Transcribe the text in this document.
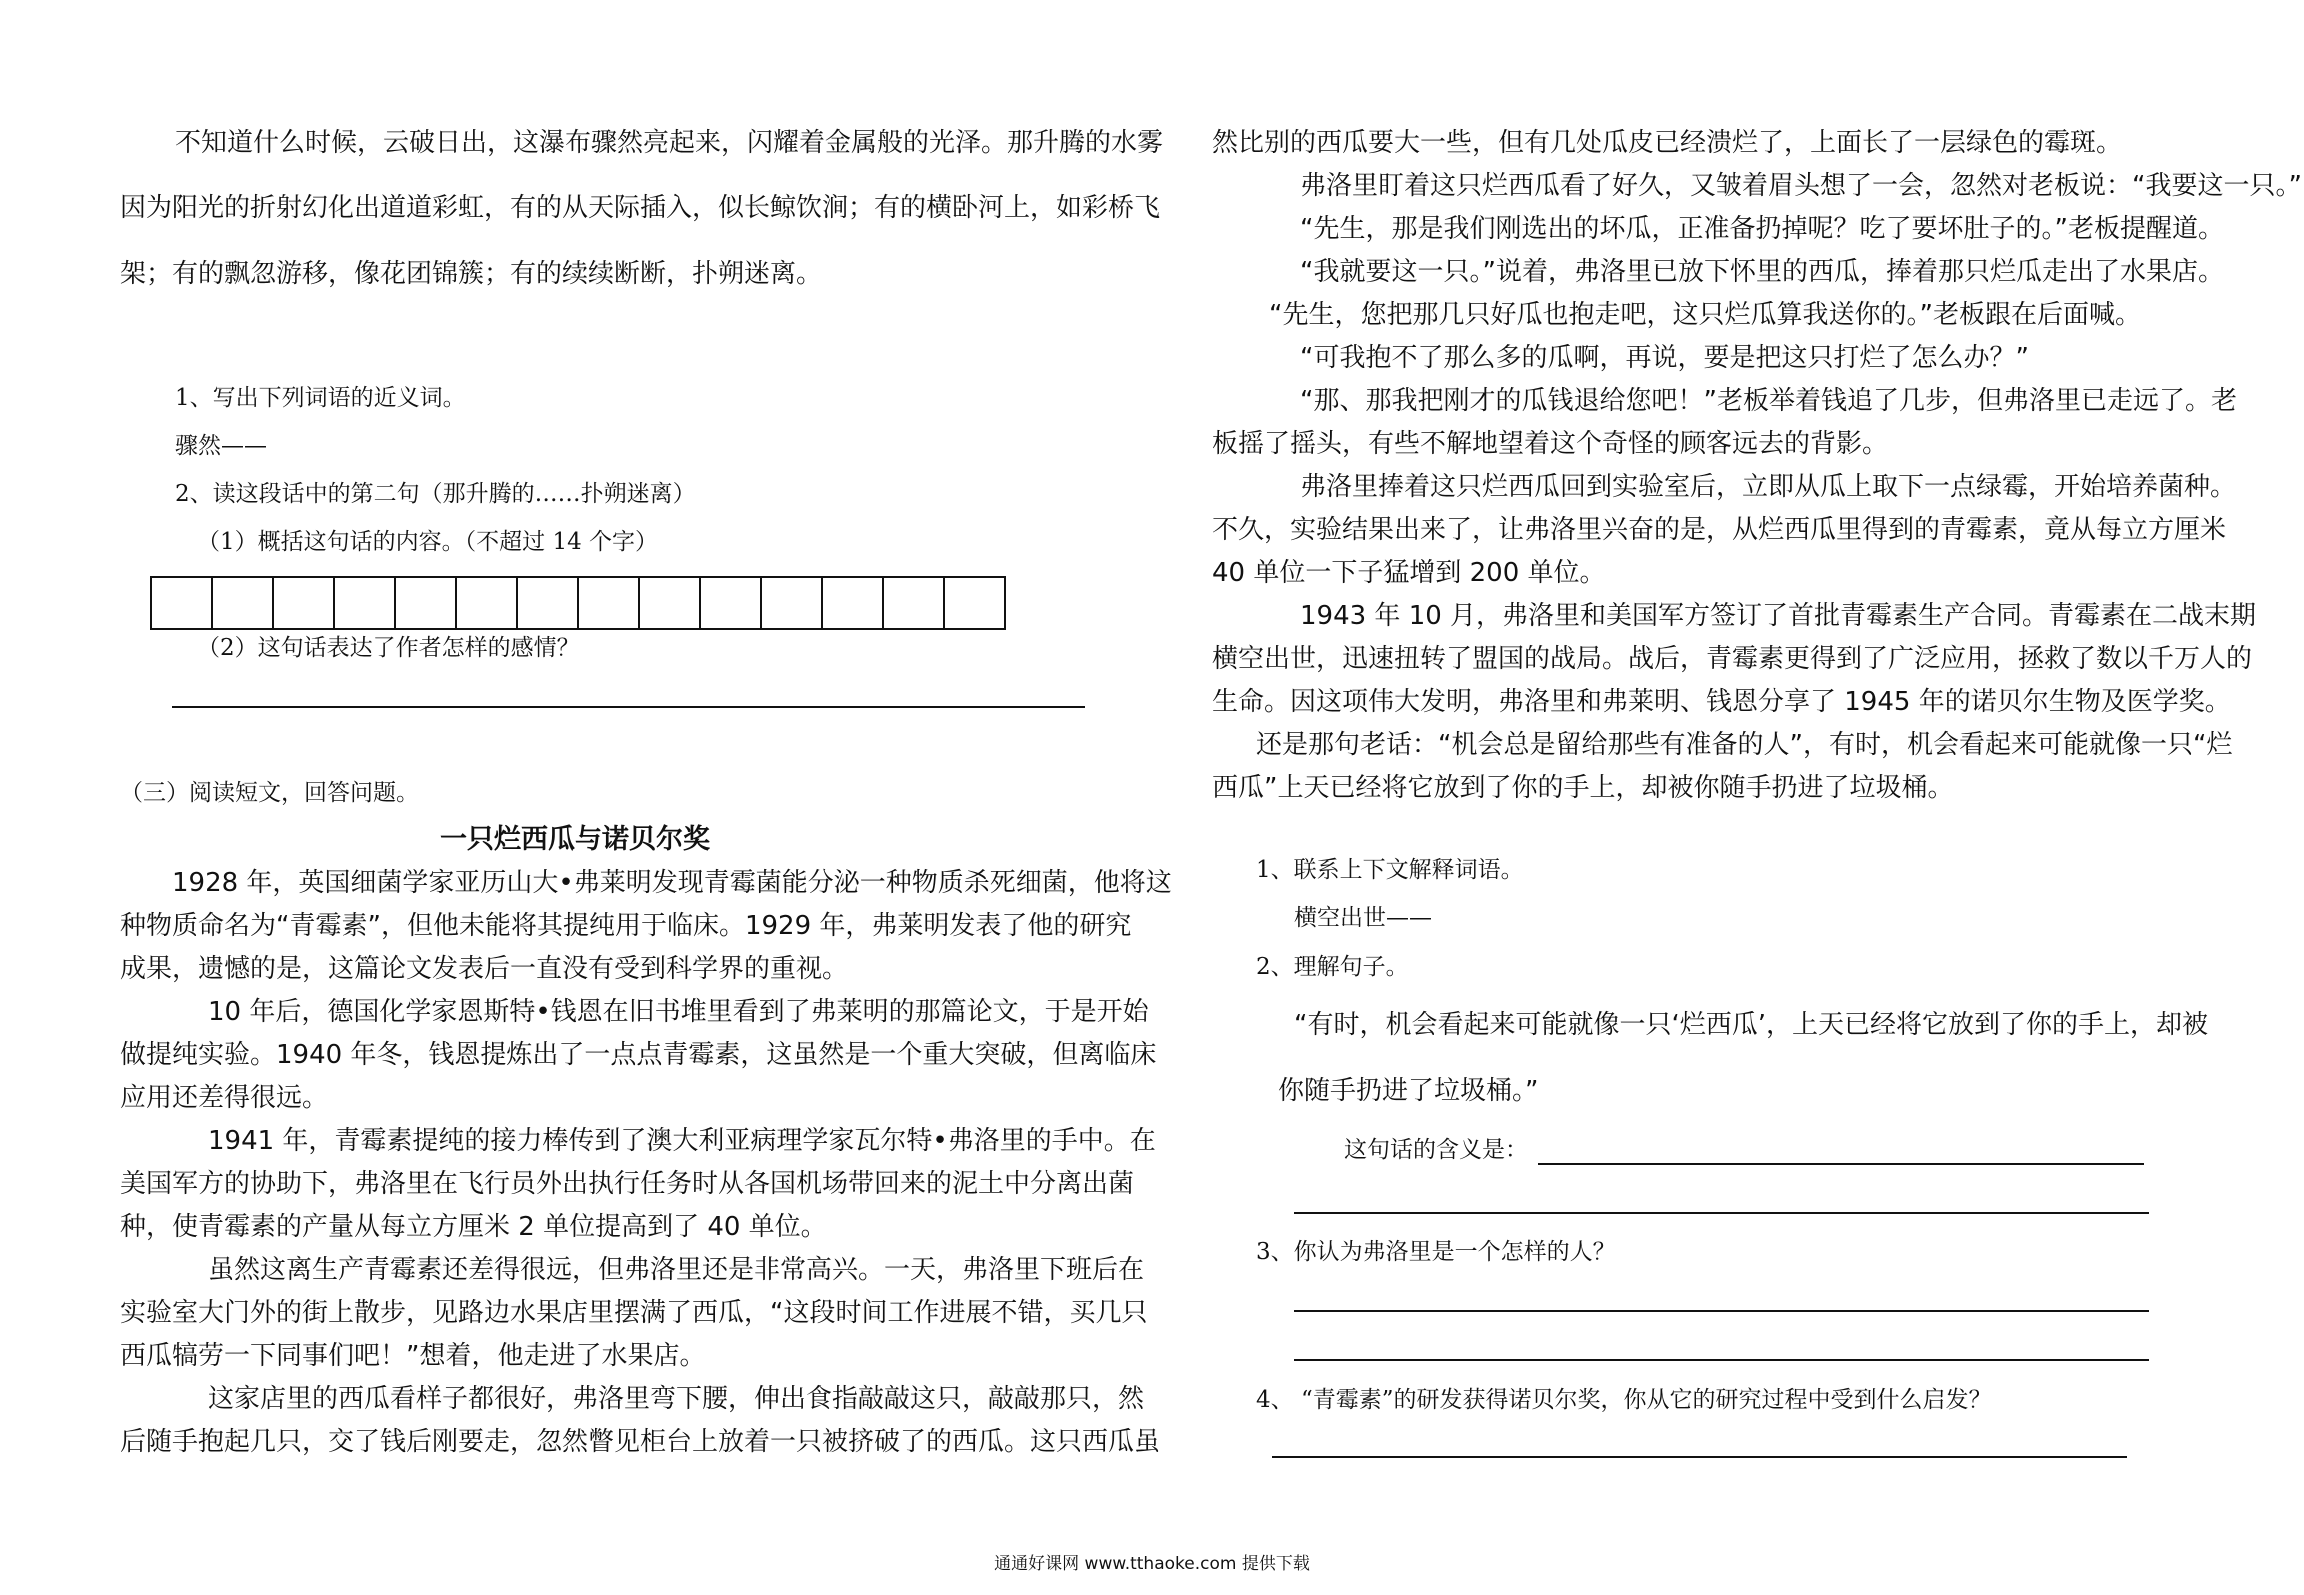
不知道什么时候，云破日出，这瀑布骤然亮起来，闪耀着金属般的光泽。那升腾的水雾
因为阳光的折射幻化出道道彩虹，有的从天际插入，似长鲸饮涧；有的横卧河上，如彩桥飞
架；有的飘忽游移，像花团锦簇；有的续续断断，扑朔迷离。
1、写出下列词语的近义词。
骤然——
2、读这段话中的第二句（那升腾的……扑朔迷离）
（1）概括这句话的内容。（不超过 14 个字）
（2）这句话表达了作者怎样的感情？
（三）阅读短文，回答问题。
一只烂西瓜与诺贝尔奖
1928 年，英国细菌学家亚历山大•弗莱明发现青霉菌能分泌一种物质杀死细菌，他将这
种物质命名为“青霉素”，但他未能将其提纯用于临床。1929 年，弗莱明发表了他的研究
成果，遗憾的是，这篇论文发表后一直没有受到科学界的重视。
10 年后，德国化学家恩斯特•钱恩在旧书堆里看到了弗莱明的那篇论文，于是开始
做提纯实验。1940 年冬，钱恩提炼出了一点点青霉素，这虽然是一个重大突破，但离临床
应用还差得很远。
1941 年，青霉素提纯的接力棒传到了澳大利亚病理学家瓦尔特•弗洛里的手中。在
美国军方的协助下，弗洛里在飞行员外出执行任务时从各国机场带回来的泥土中分离出菌
种，使青霉素的产量从每立方厘米 2 单位提高到了 40 单位。
虽然这离生产青霉素还差得很远，但弗洛里还是非常高兴。一天，弗洛里下班后在
实验室大门外的街上散步，见路边水果店里摆满了西瓜，“这段时间工作进展不错，买几只
西瓜犒劳一下同事们吧！”想着，他走进了水果店。
这家店里的西瓜看样子都很好，弗洛里弯下腰，伸出食指敲敲这只，敲敲那只，然
后随手抱起几只，交了钱后刚要走，忽然瞥见柜台上放着一只被挤破了的西瓜。这只西瓜虽
然比别的西瓜要大一些，但有几处瓜皮已经溃烂了，上面长了一层绿色的霉斑。
弗洛里盯着这只烂西瓜看了好久，又皱着眉头想了一会，忽然对老板说：“我要这一只。”
“先生，那是我们刚选出的坏瓜，正准备扔掉呢？吃了要坏肚子的。”老板提醒道。
“我就要这一只。”说着，弗洛里已放下怀里的西瓜，捧着那只烂瓜走出了水果店。
“先生，您把那几只好瓜也抱走吧，这只烂瓜算我送你的。”老板跟在后面喊。
“可我抱不了那么多的瓜啊，再说，要是把这只打烂了怎么办？”
“那、那我把刚才的瓜钱退给您吧！”老板举着钱追了几步，但弗洛里已走远了。老
板摇了摇头，有些不解地望着这个奇怪的顾客远去的背影。
弗洛里捧着这只烂西瓜回到实验室后，立即从瓜上取下一点绿霉，开始培养菌种。
不久，实验结果出来了，让弗洛里兴奋的是，从烂西瓜里得到的青霉素，竟从每立方厘米
40 单位一下子猛增到 200 单位。
1943 年 10 月，弗洛里和美国军方签订了首批青霉素生产合同。青霉素在二战末期
横空出世，迅速扭转了盟国的战局。战后，青霉素更得到了广泛应用，拯救了数以千万人的
生命。因这项伟大发明，弗洛里和弗莱明、钱恩分享了 1945 年的诺贝尔生物及医学奖。
还是那句老话：“机会总是留给那些有准备的人”，有时，机会看起来可能就像一只“烂
西瓜”上天已经将它放到了你的手上，却被你随手扔进了垃圾桶。
1、联系上下文解释词语。
横空出世——
2、理解句子。
“有时，机会看起来可能就像一只‘烂西瓜’，上天已经将它放到了你的手上，却被
你随手扔进了垃圾桶。”
这句话的含义是：
3、你认为弗洛里是一个怎样的人？
4、 “青霉素”的研发获得诺贝尔奖，你从它的研究过程中受到什么启发？
通通好课网 www.tthaoke.com 提供下载
